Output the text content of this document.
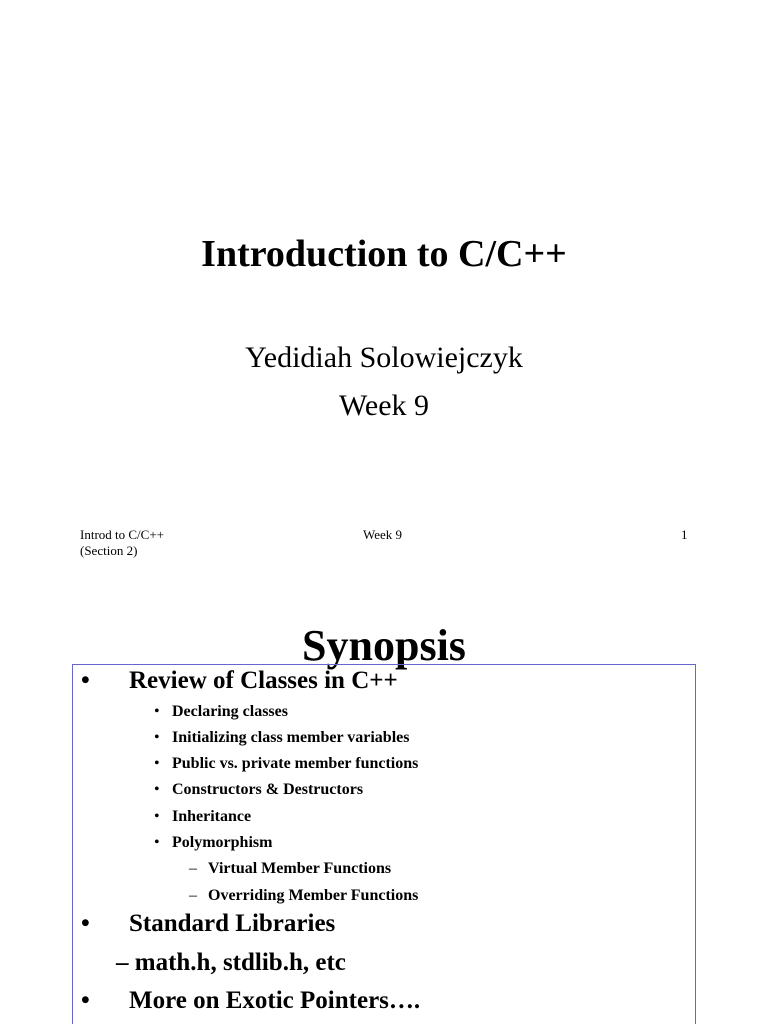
Introduction to C/C++
Yedidiah Solowiejczyk
Week 9
Introd to C/C++
(Section 2)
Week 9	1
Synopsis
• Review of Classes in C++
• Declaring classes
• Initializing class member variables
• Public vs. private member functions
• Constructors & Destructors
• Inheritance
• Polymorphism
– Virtual Member Functions
– Overriding Member Functions
• Standard Libraries
– math.h, stdlib.h, etc
• More on Exotic Pointers….
